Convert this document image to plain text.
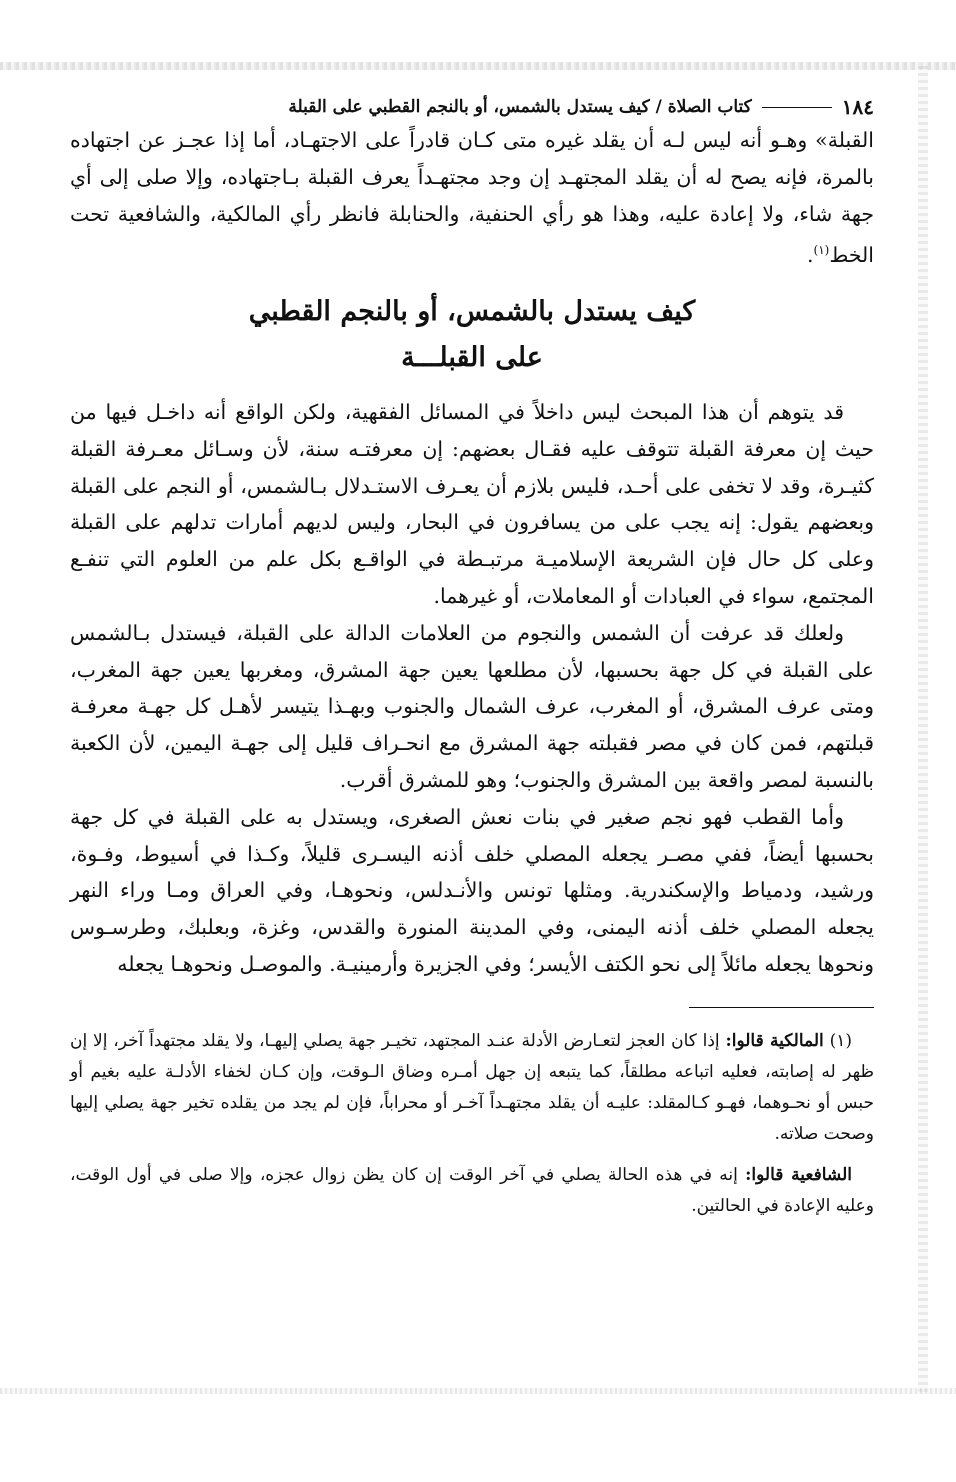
١٨٤
كتاب الصلاة / كيف يستدل بالشمس، أو بالنجم القطبي على القبلة

القبلة» وهـو أنه ليس لـه أن يقلد غيره متى كـان قادراً على الاجتهـاد، أما إذا عجـز عن اجتهاده بالمرة، فإنه يصح له أن يقلد المجتهـد إن وجد مجتهـداً يعرف القبلة بـاجتهاده، وإلا صلى إلى أي جهة شاء، ولا إعادة عليه، وهذا هو رأي الحنفية، والحنابلة فانظر رأي المالكية، والشافعية تحت الخط$^{(١)}$.

كيف يستدل بالشمس، أو بالنجم القطبي
على القبلـــة

قد يتوهم أن هذا المبحث ليس داخلاً في المسائل الفقهية، ولكن الواقع أنه داخـل فيها من حيث إن معرفة القبلة تتوقف عليه فقـال بعضهم: إن معرفتـه سنة، لأن وسـائل معـرفة القبلة كثيـرة، وقد لا تخفى على أحـد، فليس بلازم أن يعـرف الاستـدلال بـالشمس، أو النجم على القبلة وبعضهم يقول: إنه يجب على من يسافرون في البحار، وليس لديهم أمارات تدلهم على القبلة وعلى كل حال فإن الشريعة الإسلاميـة مرتبـطة في الواقـع بكل علم من العلوم التي تنفـع المجتمع، سواء في العبادات أو المعاملات، أو غيرهما.

ولعلك قد عرفت أن الشمس والنجوم من العلامات الدالة على القبلة، فيستدل بـالشمس على القبلة في كل جهة بحسبها، لأن مطلعها يعين جهة المشرق، ومغربها يعين جهة المغرب، ومتى عرف المشرق، أو المغرب، عرف الشمال والجنوب وبهـذا يتيسر لأهـل كل جهـة معرفـة قبلتهم، فمن كان في مصر فقبلته جهة المشرق مع انحـراف قليل إلى جهـة اليمين، لأن الكعبة بالنسبة لمصر واقعة بين المشرق والجنوب؛ وهو للمشرق أقرب.

وأما القطب فهو نجم صغير في بنات نعش الصغرى، ويستدل به على القبلة في كل جهة بحسبها أيضاً، ففي مصـر يجعله المصلي خلف أذنه اليسـرى قليلاً، وكـذا في أسيوط، وفـوة، ورشيد، ودمياط والإسكندرية. ومثلها تونس والأنـدلس، ونحوهـا، وفي العراق ومـا وراء النهر يجعله المصلي خلف أذنه اليمنى، وفي المدينة المنورة والقدس، وغزة، وبعلبك، وطرسـوس ونحوها يجعله مائلاً إلى نحو الكتف الأيسر؛ وفي الجزيرة وأرمينيـة. والموصـل ونحوهـا يجعله

(١) المالكية قالوا: إذا كان العجز لتعـارض الأدلة عنـد المجتهد، تخيـر جهة يصلي إليهـا، ولا يقلد مجتهداً آخر، إلا إن ظهر له إصابته، فعليه اتباعه مطلقاً، كما يتبعه إن جهل أمـره وضاق الـوقت، وإن كـان لخفاء الأدلـة عليه بغيم أو حبس أو نحـوهما، فهـو كـالمقلد: عليـه أن يقلد مجتهـداً آخـر أو محراباً، فإن لم يجد من يقلده تخير جهة يصلي إليها وصحت صلاته.

الشافعية قالوا: إنه في هذه الحالة يصلي في آخر الوقت إن كان يظن زوال عجزه، وإلا صلى في أول الوقت، وعليه الإعادة في الحالتين.
